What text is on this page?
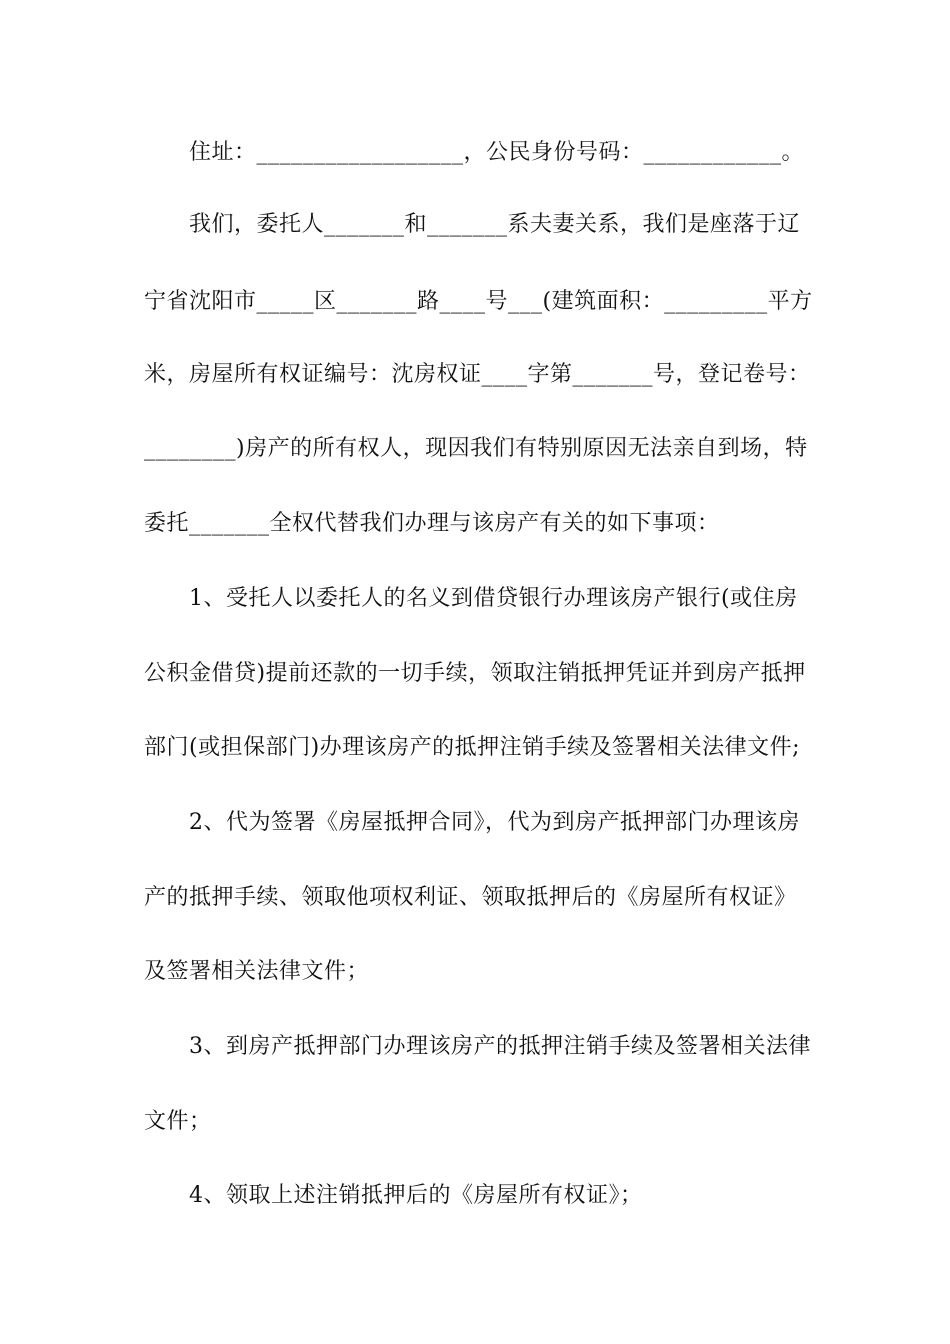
住址：__________________，公民身份号码：____________。
我们，委托人_______和_______系夫妻关系，我们是座落于辽
宁省沈阳市_____区_______路____号___(建筑面积：_________平方
米，房屋所有权证编号：沈房权证____字第_______号，登记卷号：
________)房产的所有权人，现因我们有特别原因无法亲自到场，特
委托_______全权代替我们办理与该房产有关的如下事项：
1、受托人以委托人的名义到借贷银行办理该房产银行(或住房
公积金借贷)提前还款的一切手续，领取注销抵押凭证并到房产抵押
部门(或担保部门)办理该房产的抵押注销手续及签署相关法律文件;
2、代为签署《房屋抵押合同》，代为到房产抵押部门办理该房
产的抵押手续、领取他项权利证、领取抵押后的《房屋所有权证》
及签署相关法律文件；
3、到房产抵押部门办理该房产的抵押注销手续及签署相关法律
文件；
4、领取上述注销抵押后的《房屋所有权证》；
